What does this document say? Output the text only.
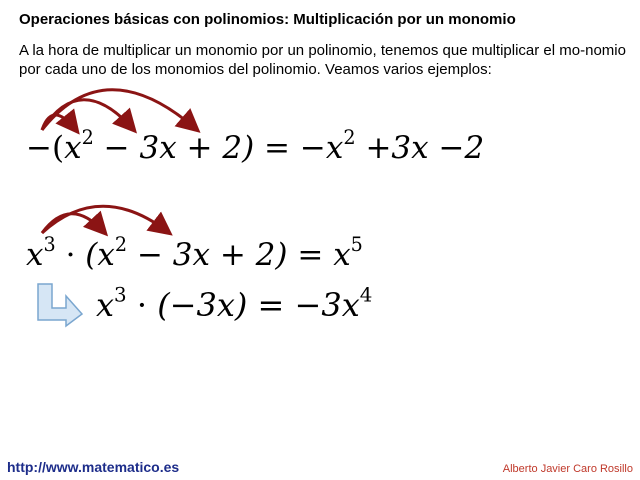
Operaciones básicas con polinomios: Multiplicación por un monomio
A la hora de multiplicar un monomio por un polinomio, tenemos que multiplicar el mo-nomio por cada uno de los monomios del polinomio. Veamos varios ejemplos:
$-(x^2 - 3x + 2) = -x^2 +3x -2$
$x^3 \cdot (x^2 - 3x + 2) = x^5$
$x^3 \cdot (-3x) = -3x^4$
http://www.matematico.es	Alberto Javier Caro Rosillo
